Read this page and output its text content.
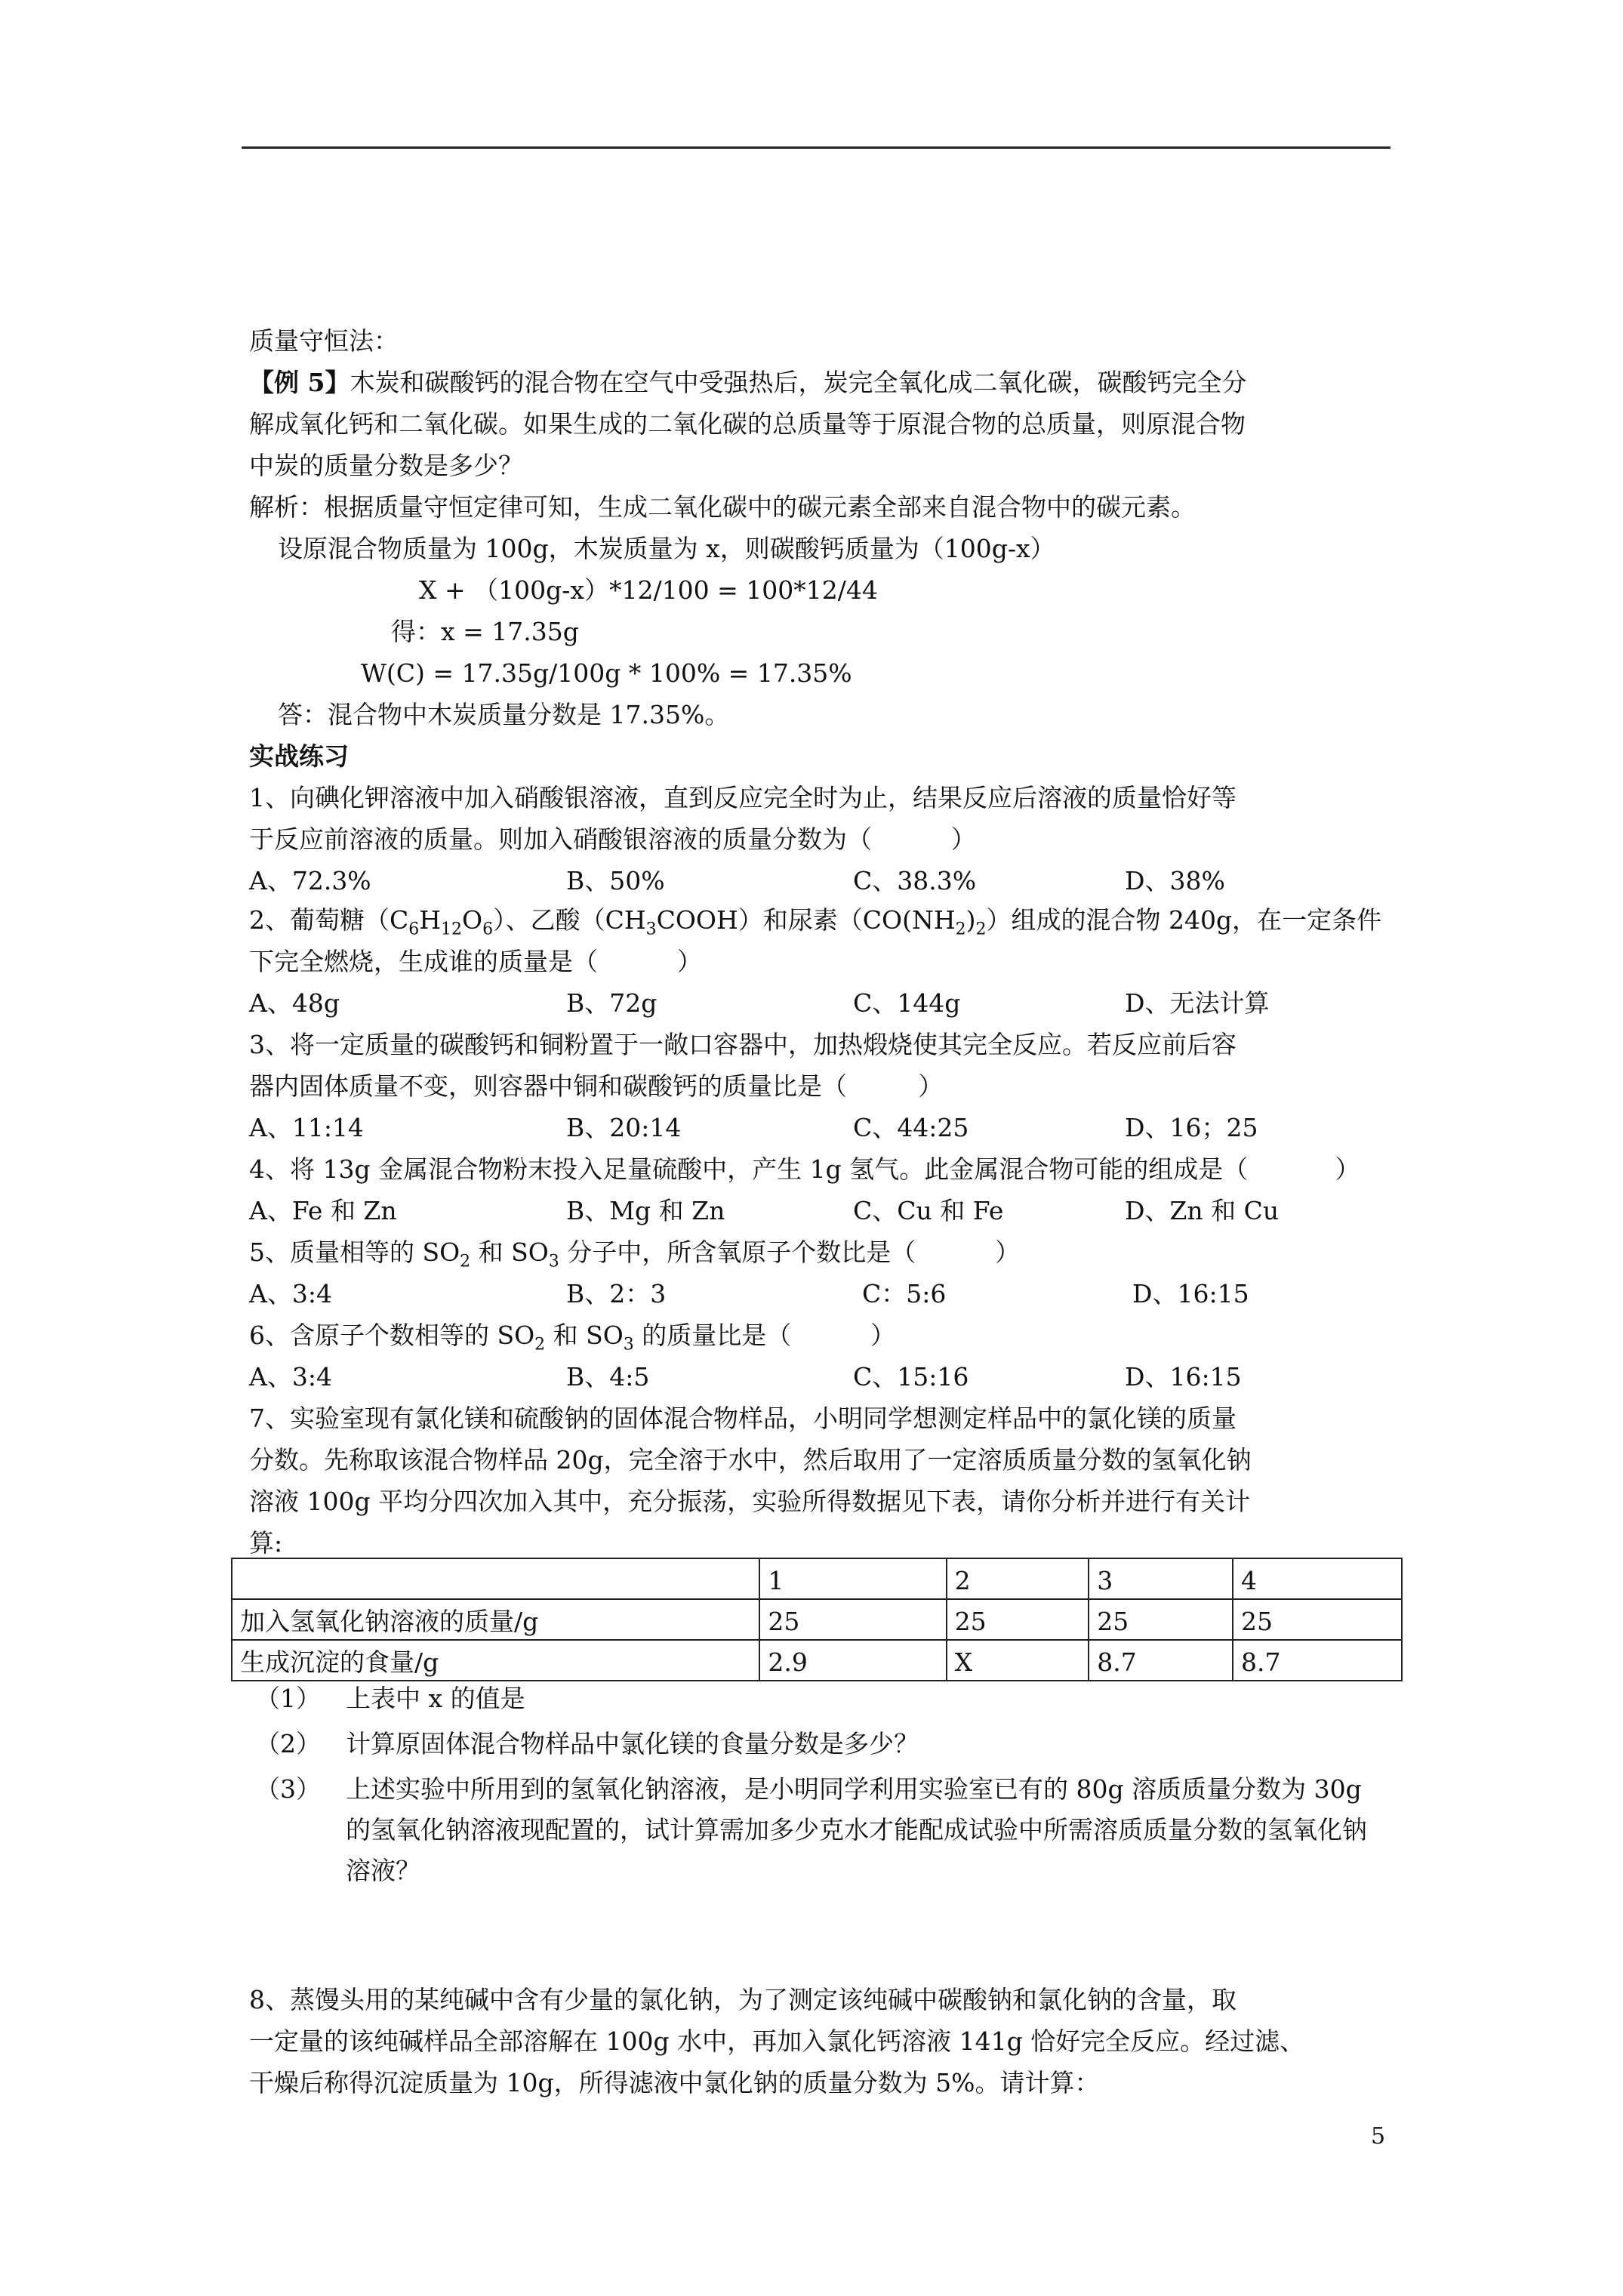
质量守恒法：
【例 5】木炭和碳酸钙的混合物在空气中受强热后，炭完全氧化成二氧化碳，碳酸钙完全分
解成氧化钙和二氧化碳。如果生成的二氧化碳的总质量等于原混合物的总质量，则原混合物
中炭的质量分数是多少？
解析：根据质量守恒定律可知，生成二氧化碳中的碳元素全部来自混合物中的碳元素。
设原混合物质量为 100g，木炭质量为 x，则碳酸钙质量为（100g-x）
X + （100g-x）*12/100 = 100*12/44
得：x = 17.35g
W(C) = 17.35g/100g * 100% = 17.35%
答：混合物中木炭质量分数是 17.35%。
实战练习
1、向碘化钾溶液中加入硝酸银溶液，直到反应完全时为止，结果反应后溶液的质量恰好等
于反应前溶液的质量。则加入硝酸银溶液的质量分数为（          ）
A、72.3%	B、50%	C、38.3%	D、38%
2、葡萄糖$(C_6H_{12}O_6)$、乙酸$(CH_3COOH)$和尿素$(CO(NH_2)_2)$组成的混合物 240g，在一定条件
下完全燃烧，生成谁的质量是（          ）
A、48g	B、72g	C、144g	D、无法计算
3、将一定质量的碳酸钙和铜粉置于一敞口容器中，加热煅烧使其完全反应。若反应前后容
器内固体质量不变，则容器中铜和碳酸钙的质量比是（         ）
A、11:14	B、20:14	C、44:25	D、16；25
4、将 13g 金属混合物粉末投入足量硫酸中，产生 1g 氢气。此金属混合物可能的组成是（           ）
A、Fe 和 Zn	B、Mg 和 Zn	C、Cu 和 Fe	D、Zn 和 Cu
5、质量相等的 $SO_2$ 和 $SO_3$ 分子中，所含氧原子个数比是（          ）
A、3:4	B、2：3	C：5:6	D、16:15
6、含原子个数相等的 $SO_2$ 和 $SO_3$ 的质量比是（          ）
A、3:4	B、4:5	C、15:16	D、16:15
7、实验室现有氯化镁和硫酸钠的固体混合物样品，小明同学想测定样品中的氯化镁的质量
分数。先称取该混合物样品 20g，完全溶于水中，然后取用了一定溶质质量分数的氢氧化钠
溶液 100g 平均分四次加入其中，充分振荡，实验所得数据见下表，请你分析并进行有关计
算:
	1	2	3	4
加入氢氧化钠溶液的质量/g	25	25	25	25
生成沉淀的食量/g	2.9	X	8.7	8.7
（1） 上表中 x 的值是
（2） 计算原固体混合物样品中氯化镁的食量分数是多少？
（3） 上述实验中所用到的氢氧化钠溶液，是小明同学利用实验室已有的 80g 溶质质量分数为 30g 的氢氧化钠溶液现配置的，试计算需加多少克水才能配成试验中所需溶质质量分数的氢氧化钠溶液？
8、蒸馒头用的某纯碱中含有少量的氯化钠，为了测定该纯碱中碳酸钠和氯化钠的含量，取
一定量的该纯碱样品全部溶解在 100g 水中，再加入氯化钙溶液 141g 恰好完全反应。经过滤、
干燥后称得沉淀质量为 10g，所得滤液中氯化钠的质量分数为 5%。请计算：
5
